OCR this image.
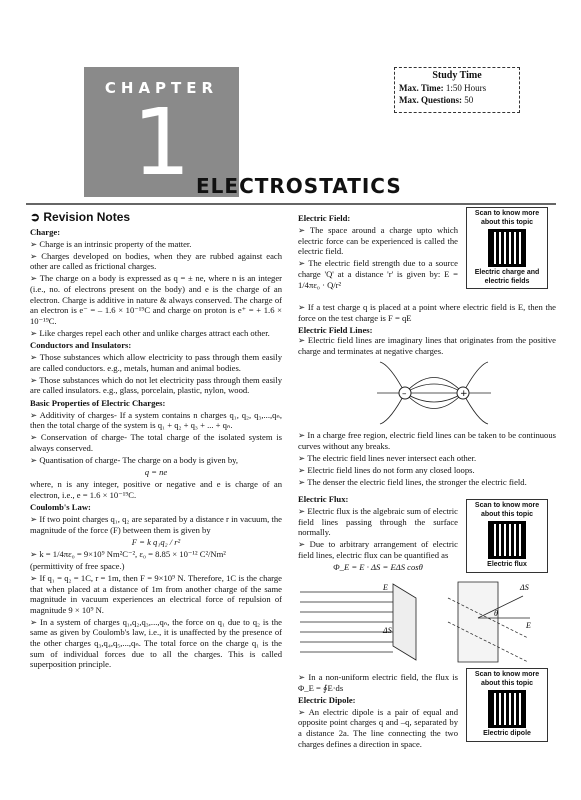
CHAPTER
1
Study Time
Max. Time: 1:50 Hours
Max. Questions: 50
ELECTROSTATICS
➲ Revision Notes

Charge:

➢ Charge is an intrinsic property of the matter.

➢ Charges developed on bodies, when they are rubbed against each other are called as frictional charges.

➢ The charge on a body is expressed as q = ± ne, where n is an integer (i.e., no. of electrons present on the body) and e is the charge of an electron. Charge is additive in nature & always conserved. The charge of an electron is e⁻ = – 1.6 × 10⁻¹⁹C and charge on proton is e⁺ = + 1.6 × 10⁻¹⁹C.

➢ Like charges repel each other and unlike charges attract each other.

Conductors and Insulators:

➢ Those substances which allow electricity to pass through them easily are called conductors. e.g., metals, human and animal bodies.

➢ Those substances which do not let electricity pass through them easily are called insulators. e.g., glass, porcelain, plastic, nylon, wood.

Basic Properties of Electric Charges:

➢ Additivity of charges- If a system contains n charges q₁, q₂, q₃,...,qₙ, then the total charge of the system is q₁ + q₂ + q₃ + ... + qₙ.

➢ Conservation of charge- The total charge of the isolated system is always conserved.

➢ Quantisation of charge- The charge on a body is given by,

q = ne

where, n is any integer, positive or negative and e is charge of an electron, i.e., e = 1.6 × 10⁻¹⁹C.

Coulomb's Law:

➢ If two point charges q₁, q₂ are separated by a distance r in vacuum, the magnitude of the force (F) between them is given by

F = k q₁q₂ / r²

➢ k = 1/4πε₀ = 9×10⁹ Nm²C⁻², ε₀ = 8.85 × 10⁻¹² C²/Nm²

(permittivity of free space.)

➢ If q₁ = q₂ = 1C, r = 1m, then F = 9×10⁹ N. Therefore, 1C is the charge that when placed at a distance of 1m from another charge of the same magnitude in vacuum experiences an electrical force of repulsion of magnitude 9 × 10⁹ N.

➢ In a system of charges q₁,q₂,q₃,...,qₙ, the force on q₁ due to q₂ is the same as given by Coulomb's law, i.e., it is unaffected by the presence of the other charges q₃,q₄,q₅,...,qₙ. The total force on the charge q₁ is the sum of individual forces due to all the charges. This is called superposition principle.

Electric Field:

➢ The space around a charge upto which electric force can be experienced is called the electric field.

➢ The electric field strength due to a source charge 'Q' at a distance 'r' is given by: E = 1/4πε₀ · Q/r²

➢ If a test charge q is placed at a point where electric field is E, then the force on the test charge is F = qE

Electric Field Lines:

➢ Electric field lines are imaginary lines that originates from the positive charge and terminates at negative charges.

–	+

➢ In a charge free region, electric field lines can be taken to be continuous curves without any breaks.

➢ The electric field lines never intersect each other.

➢ Electric field lines do not form any closed loops.

➢ The denser the electric field lines, the stronger the electric field.

Electric Flux:

➢ Electric flux is the algebraic sum of electric field lines passing through the surface normally.

➢ Due to arbitrary arrangement of electric field lines, electric flux can be quantified as

Φ_E = E · ΔS = EΔS cosθ

E
ΔS
θ
ΔS
E

➢ In a non-uniform electric field, the flux is Φ_E = ∮E·ds

Electric Dipole:

➢ An electric dipole is a pair of equal and opposite point charges q and –q, separated by a distance 2a. The line connecting the two charges defines a direction in space.

Scan to know more about this topic
Electric charge and electric fields
Scan to know more about this topic
Electric flux
Scan to know more about this topic
Electric dipole
